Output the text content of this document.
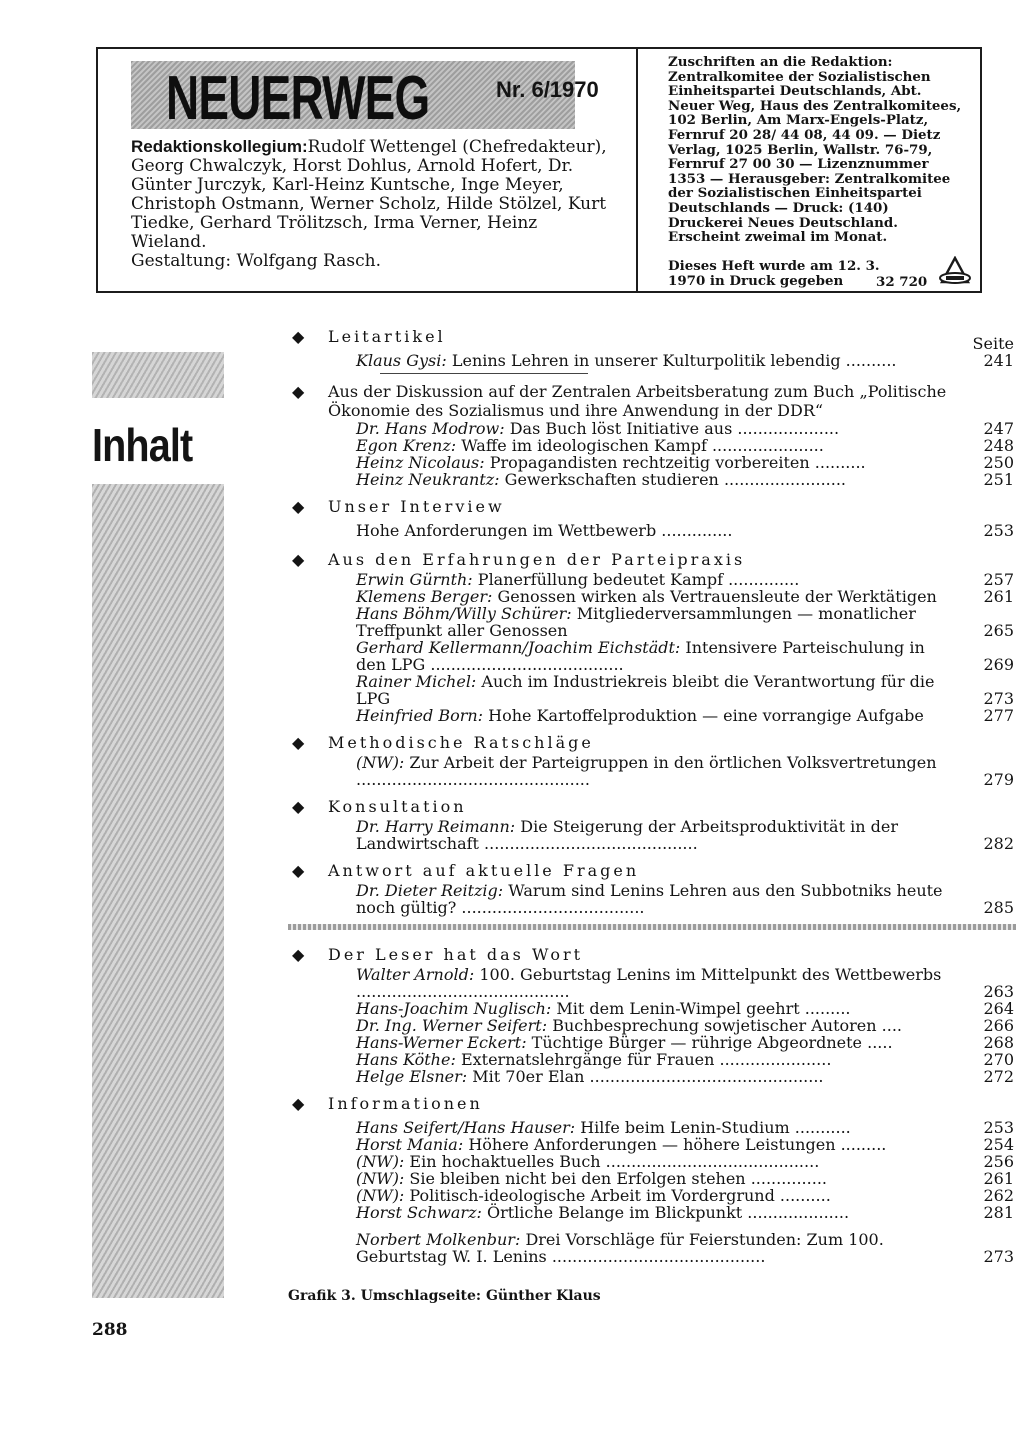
NEUERWEG	Nr. 6/1970
Redaktionskollegium:Rudolf Wettengel (Chefredakteur), Georg Chwalczyk, Horst Dohlus, Arnold Hofert, Dr. Günter Jurczyk, Karl-Heinz Kuntsche, Inge Meyer, Christoph Ostmann, Werner Scholz, Hilde Stölzel, Kurt Tiedke, Gerhard Trölitzsch, Irma Verner, Heinz Wieland.
Gestaltung: Wolfgang Rasch.
Zuschriften an die Redaktion: Zentralkomitee der Sozialistischen Einheitspartei Deutschlands, Abt. Neuer Weg, Haus des Zentralkomitees, 102 Berlin, Am Marx-Engels-Platz, Fernruf 20 28/ 44 08, 44 09. — Dietz Verlag, 1025 Berlin, Wallstr. 76-79, Fernruf 27 00 30 — Lizenznummer 1353 — Herausgeber: Zentralkomitee der Sozialistischen Einheitspartei Deutschlands — Druck: (140) Druckerei Neues Deutschland. Erscheint zweimal im Monat.
Dieses Heft wurde am 12. 3. 1970 in Druck gegeben	32 720
Inhalt
Seite
◆ Leitartikel
Klaus Gysi: Lenins Lehren in unserer Kulturpolitik lebendig ..........	241
◆ Aus der Diskussion auf der Zentralen Arbeitsberatung zum Buch „Politische Ökonomie des Sozialismus und ihre Anwendung in der DDR“
Dr. Hans Modrow: Das Buch löst Initiative aus ....................	247
Egon Krenz: Waffe im ideologischen Kampf ......................	248
Heinz Nicolaus: Propagandisten rechtzeitig vorbereiten ..........	250
Heinz Neukrantz: Gewerkschaften studieren ........................	251
◆ Unser Interview
Hohe Anforderungen im Wettbewerb ..............	253
◆ Aus den Erfahrungen der Parteipraxis
Erwin Gürnth: Planerfüllung bedeutet Kampf ..............	257
Klemens Berger: Genossen wirken als Vertrauensleute der Werktätigen	261
Hans Böhm/Willy Schürer: Mitgliederversammlungen — monatlicher Treffpunkt aller Genossen	265
Gerhard Kellermann/Joachim Eichstädt: Intensivere Parteischulung in den LPG ......................................	269
Rainer Michel: Auch im Industriekreis bleibt die Verantwortung für die LPG	273
Heinfried Born: Hohe Kartoffelproduktion — eine vorrangige Aufgabe	277
◆ Methodische Ratschläge
(NW): Zur Arbeit der Parteigruppen in den örtlichen Volksvertretungen ..............................................	279
◆ Konsultation
Dr. Harry Reimann: Die Steigerung der Arbeitsproduktivität in der Landwirtschaft ..........................................	282
◆ Antwort auf aktuelle Fragen
Dr. Dieter Reitzig: Warum sind Lenins Lehren aus den Subbotniks heute noch gültig? ....................................	285
◆ Der Leser hat das Wort
Walter Arnold: 100. Geburtstag Lenins im Mittelpunkt des Wettbewerbs ..........................................	263
Hans-Joachim Nuglisch: Mit dem Lenin-Wimpel geehrt .........	264
Dr. Ing. Werner Seifert: Buchbesprechung sowjetischer Autoren ....	266
Hans-Werner Eckert: Tüchtige Bürger — rührige Abgeordnete .....	268
Hans Köthe: Externatslehrgänge für Frauen ......................	270
Helge Elsner: Mit 70er Elan ..............................................	272
◆ Informationen
Hans Seifert/Hans Hauser: Hilfe beim Lenin-Studium ...........	253
Horst Mania: Höhere Anforderungen — höhere Leistungen .........	254
(NW): Ein hochaktuelles Buch ..........................................	256
(NW): Sie bleiben nicht bei den Erfolgen stehen ...............	261
(NW): Politisch-ideologische Arbeit im Vordergrund ..........	262
Horst Schwarz: Örtliche Belange im Blickpunkt ....................	281
Norbert Molkenbur: Drei Vorschläge für Feierstunden: Zum 100. Geburtstag W. I. Lenins ..........................................	273
Grafik 3. Umschlagseite: Günther Klaus
288
